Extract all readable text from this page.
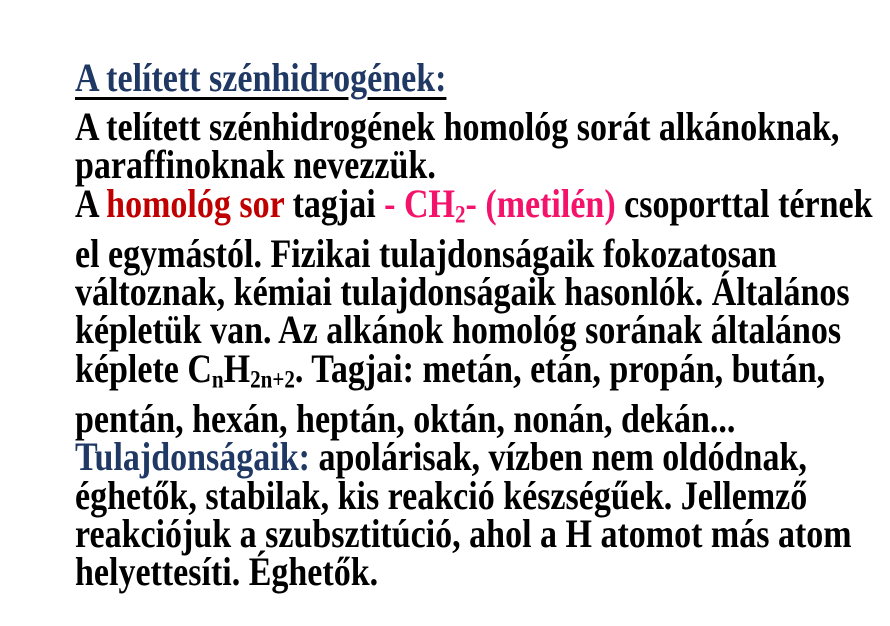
A telített szénhidrogének:
A telített szénhidrogének homológ sorát alkánoknak,
paraffinoknak nevezzük.
A homológ sor tagjai - $CH_2-$ (metilén) csoporttal térnek
el egymástól. Fizikai tulajdonságaik fokozatosan
változnak, kémiai tulajdonságaik hasonlók. Általános
képletük van. Az alkánok homológ sorának általános
képlete $C_nH_{2n+2}$. Tagjai: metán, etán, propán, bután,
pentán, hexán, heptán, oktán, nonán, dekán...
Tulajdonságaik: apolárisak, vízben nem oldódnak,
éghetők, stabilak, kis reakció készségűek. Jellemző
reakciójuk a szubsztitúció, ahol a H atomot más atom
helyettesíti. Éghetők.
